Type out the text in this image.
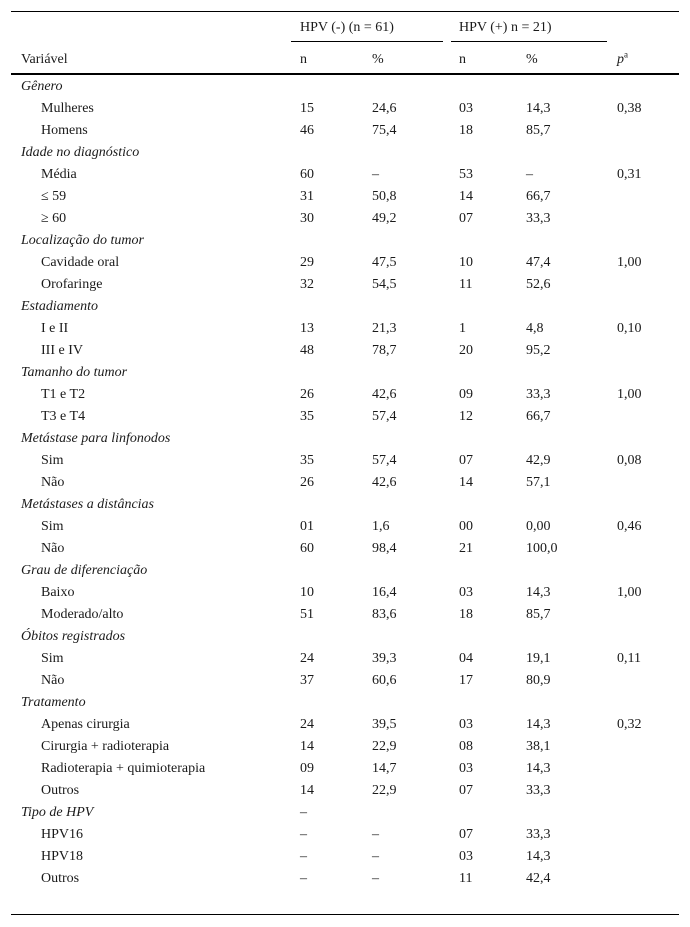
HPV (-) (n = 61)	HPV (+) n = 21)
Variável	n	%	n	%	$p^a$
Gênero
Mulheres	15	24,6	03	14,3	0,38
Homens	46	75,4	18	85,7
Idade no diagnóstico
Média	60	–	53	–	0,31
≤ 59	31	50,8	14	66,7
≥ 60	30	49,2	07	33,3
Localização do tumor
Cavidade oral	29	47,5	10	47,4	1,00
Orofaringe	32	54,5	11	52,6
Estadiamento
I e II	13	21,3	1	4,8	0,10
III e IV	48	78,7	20	95,2
Tamanho do tumor
T1 e T2	26	42,6	09	33,3	1,00
T3 e T4	35	57,4	12	66,7
Metástase para linfonodos
Sim	35	57,4	07	42,9	0,08
Não	26	42,6	14	57,1
Metástases a distâncias
Sim	01	1,6	00	0,00	0,46
Não	60	98,4	21	100,0
Grau de diferenciação
Baixo	10	16,4	03	14,3	1,00
Moderado/alto	51	83,6	18	85,7
Óbitos registrados
Sim	24	39,3	04	19,1	0,11
Não	37	60,6	17	80,9
Tratamento
Apenas cirurgia	24	39,5	03	14,3	0,32
Cirurgia + radioterapia	14	22,9	08	38,1
Radioterapia + quimioterapia	09	14,7	03	14,3
Outros	14	22,9	07	33,3
Tipo de HPV	–
HPV16	–	–	07	33,3
HPV18	–	–	03	14,3
Outros	–	–	11	42,4
